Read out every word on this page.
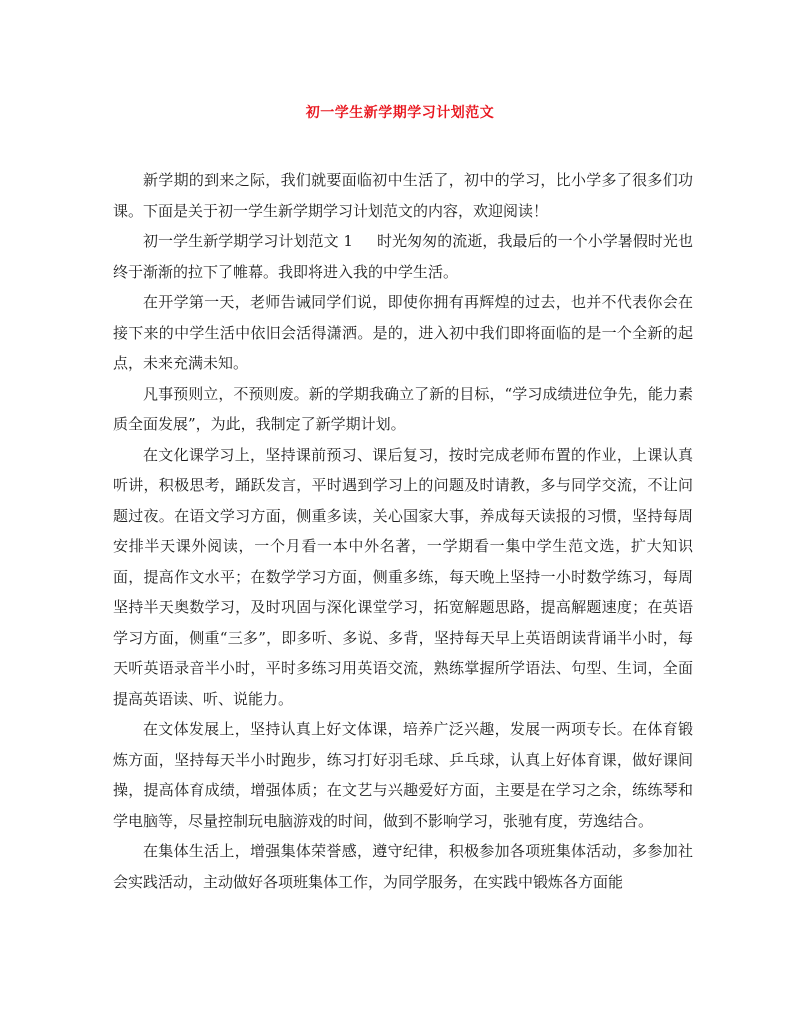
初一学生新学期学习计划范文

新学期的到来之际，我们就要面临初中生活了，初中的学习，比小学多了很多们功课。下面是关于初一学生新学期学习计划范文的内容，欢迎阅读！

初一学生新学期学习计划范文 1 时光匆匆的流逝，我最后的一个小学暑假时光也终于渐渐的拉下了帷幕。我即将进入我的中学生活。

在开学第一天，老师告诫同学们说，即使你拥有再辉煌的过去，也并不代表你会在接下来的中学生活中依旧会活得潇洒。是的，进入初中我们即将面临的是一个全新的起点，未来充满未知。

凡事预则立，不预则废。新的学期我确立了新的目标，“学习成绩进位争先，能力素质全面发展”，为此，我制定了新学期计划。

在文化课学习上，坚持课前预习、课后复习，按时完成老师布置的作业，上课认真听讲，积极思考，踊跃发言，平时遇到学习上的问题及时请教，多与同学交流，不让问题过夜。在语文学习方面，侧重多读，关心国家大事，养成每天读报的习惯，坚持每周安排半天课外阅读，一个月看一本中外名著，一学期看一集中学生范文选，扩大知识面，提高作文水平；在数学学习方面，侧重多练，每天晚上坚持一小时数学练习，每周坚持半天奥数学习，及时巩固与深化课堂学习，拓宽解题思路，提高解题速度；在英语学习方面，侧重“三多”，即多听、多说、多背，坚持每天早上英语朗读背诵半小时，每天听英语录音半小时，平时多练习用英语交流，熟练掌握所学语法、句型、生词，全面提高英语读、听、说能力。

在文体发展上，坚持认真上好文体课，培养广泛兴趣，发展一两项专长。在体育锻炼方面，坚持每天半小时跑步，练习打好羽毛球、乒乓球，认真上好体育课，做好课间操，提高体育成绩，增强体质；在文艺与兴趣爱好方面，主要是在学习之余，练练琴和学电脑等，尽量控制玩电脑游戏的时间，做到不影响学习，张驰有度，劳逸结合。

在集体生活上，增强集体荣誉感，遵守纪律，积极参加各项班集体活动，多参加社会实践活动，主动做好各项班集体工作，为同学服务，在实践中锻炼各方面能
